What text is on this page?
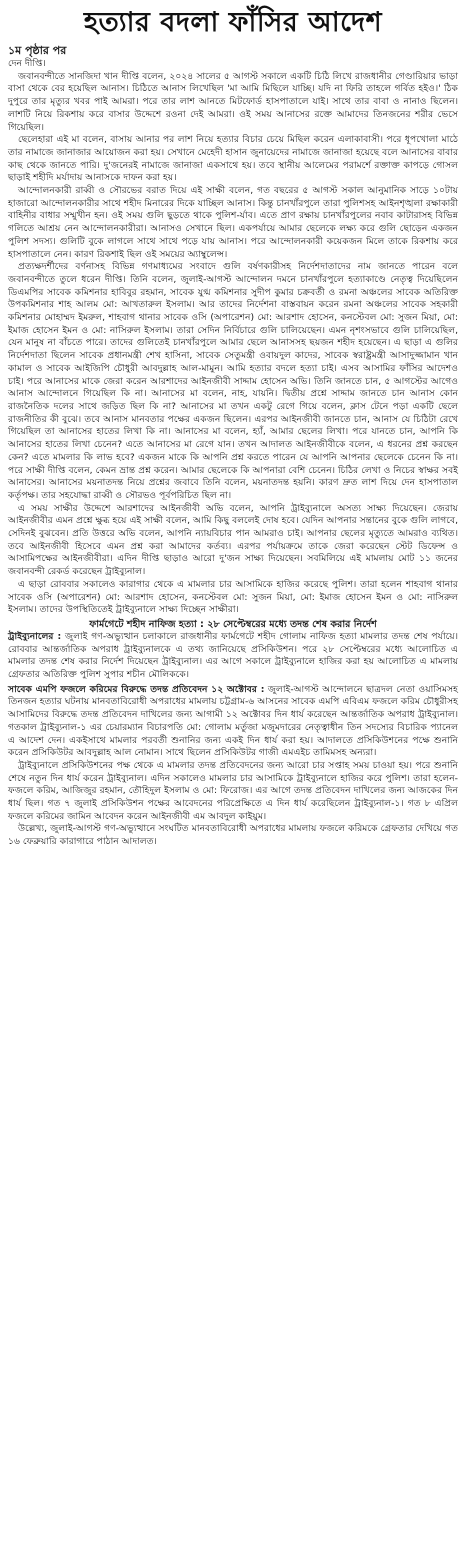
হত্যার বদলা ফাঁসির আদেশ

১ম পৃষ্ঠার পর

দেন দীপ্তি।

জবানবন্দীতে সানজিদা খান দীপ্তি বলেন, ২০২৪ সালের ৫ আগস্ট সকালে একটি চিঠি লিখে রাজধানীর গেণ্ডারিয়ার ভাড়া বাসা থেকে বের হয়েছিল আনাস। চিঠিতে আনাস লিখেছিল 'মা আমি মিছিলে যাচ্ছি। যদি না ফিরি তাহলে গর্বিত হইও।' ঠিক দুপুরে তার মৃত্যুর খবর পাই আমরা। পরে তার লাশ আনতে মিটফোর্ড হাসপাতালে যাই। সাথে তার বাবা ও নানাও ছিলেন। লাশটি নিয়ে রিকশায় করে বাসার উদ্দেশে রওনা দেই আমরা। ওই সময় আনাসের রক্তে আমাদের তিনজনের শরীর ভেসে গিয়েছিল।

ছেলেহারা এই মা বলেন, বাসায় আনার পর লাশ নিয়ে হত্যার বিচার চেয়ে মিছিল করেন এলাকাবাসী। পরে ধূপখোলা মাঠে তার নামাজে জানাজার আয়োজন করা হয়। সেখানে মেহেদী হাসান জুনায়েদের নামাজে জানাজা হয়েছে বলে আনাসের বাবার কাছ থেকে জানতে পারি। দু'জনেরই নামাজে জানাজা একসাথে হয়। তবে স্থানীয় আলেমের পরামর্শে রক্তাক্ত কাপড়ে গোসল ছাড়াই শহীদি মর্যাদায় আনাসকে দাফন করা হয়।

আন্দোলনকারী রাব্বী ও সৌরভের বরাত দিয়ে এই সাক্ষী বলেন, গত বছরের ৫ আগস্ট সকাল আনুমানিক সাড়ে ১০টায় হাজারো আন্দোলনকারীর সাথে শহীদ মিনারের দিকে যাচ্ছিল আনাস। কিন্তু চানখাঁরপুলে তারা পুলিশসহ আইনশৃঙ্খলা রক্ষাকারী বাহিনীর বাধার সম্মুখীন হন। ওই সময় গুলি ছুড়তে থাকে পুলিশ-র্যাব। এতে প্রাণ রক্ষায় চানখাঁরপুলের নবাব কাটারাসহ বিভিন্ন গলিতে আশ্রয় নেন আন্দোলনকারীরা। আনাসও সেখানে ছিল। একপর্যায়ে আমার ছেলেকে লক্ষ্য করে গুলি ছোড়েন একজন পুলিশ সদস্য। গুলিটি বুকে লাগলে সাথে সাথে পড়ে যায় আনাস। পরে আন্দোলনকারী কয়েকজন মিলে তাকে রিকশায় করে হাসপাতালে নেন। কারণ রিকশাই ছিল ওই সময়ের অ্যাম্বুলেন্স।

প্রত্যক্ষদর্শীদের বর্ণনাসহ বিভিন্ন গণমাধ্যমের সংবাদে গুলি বর্ষণকারীসহ নির্দেশদাতাদের নাম জানতে পারেন বলে জবানবন্দীতে তুলে ধরেন দীপ্তি। তিনি বলেন, জুলাই-আগস্ট আন্দোলন দমনে চানখাঁরপুলে হত্যাকাণ্ডে নেতৃত্ব দিয়েছিলেন ডিএমপির সাবেক কমিশনার হাবিবুর রহমান, সাবেক যুগ্ম কমিশনার সুদীপ কুমার চক্রবর্তী ও রমনা অঞ্চলের সাবেক অতিরিক্ত উপকমিশনার শাহ আলম মো: আখতারুল ইসলাম। আর তাদের নির্দেশনা বাস্তবায়ন করেন রমনা অঞ্চলের সাবেক সহকারী কমিশনার মোহাম্মদ ইমরুল, শাহবাগ থানার সাবেক ওসি (অপারেশন) মো: আরশাদ হোসেন, কনস্টেবল মো: সুজন মিয়া, মো: ইমাজ হোসেন ইমন ও মো: নাসিরুল ইসলাম। তারা সেদিন নির্বিচারে গুলি চালিয়েছেন। এমন নৃশংসভাবে গুলি চালিয়েছিল, যেন মানুষ না বাঁচতে পারে। তাদের গুলিতেই চানখাঁরপুলে আমার ছেলে আনাসসহ ছয়জন শহীদ হয়েছেন। এ ছাড়া এ গুলির নির্দেশদাতা ছিলেন সাবেক প্রধানমন্ত্রী শেখ হাসিনা, সাবেক সেতুমন্ত্রী ওবায়দুল কাদের, সাবেক স্বরাষ্ট্রমন্ত্রী আসাদুজ্জামান খান কামাল ও সাবেক আইজিপি চৌধুরী আবদুল্লাহ আল-মামুন। আমি হত্যার বদলে হত্যা চাই। এসব আসামির ফাঁসির আদেশও চাই। পরে আনাসের মাকে জেরা করেন আরশাদের আইনজীবী সাদ্দাম হোসেন অভি। তিনি জানতে চান, ৫ আগস্টের আগেও আনাস আন্দোলনে গিয়েছিল কি না। আনাসের মা বলেন, নাহ, যায়নি। দ্বিতীয় প্রশ্নে সাদ্দাম জানতে চান আনাস কোন রাজনৈতিক দলের সাথে জড়িত ছিল কি না? আনাসের মা তখন একটু রেগে গিয়ে বলেন, ক্লাস টেনে পড়া একটি ছেলে রাজনীতির কী বুঝে। তবে আনাস মানবতার পক্ষের একজন ছিলেন। এরপর আইনজীবী জানতে চান, আনাস যে চিঠিটা রেখে গিয়েছিল তা আনাসের হাতের লিখা কি না। আনাসের মা বলেন, হ্যাঁ, আমার ছেলের লিখা। পরে যানতে চান, আপনি কি আনাসের হাতের লিখা চেনেন? এতে আনাসের মা রেগে যান। তখন আদালত আইনজীবীকে বলেন, এ ধরনের প্রশ্ন করছেন কেন? এতে মামলার কি লাভ হবে? একজন মাকে কি আপনি প্রশ্ন করতে পারেন যে আপনি আপনার ছেলেকে চেনেন কি না। পরে সাক্ষী দীপ্তি বলেন, কেমন ভ্রান্ত প্রশ্ন করেন। আমার ছেলেকে কি আপনারা বেশি চেনেন। চিঠির লেখা ও নিচের স্বাক্ষর সবই আনাসের। আনাসের ময়নাতদন্ত নিয়ে প্রশ্নের জবাবে তিনি বলেন, ময়নাতদন্ত হয়নি। কারণ দ্রুত লাশ দিয়ে দেন হাসপাতাল কর্তৃপক্ষ। তার সহযোদ্ধা রাব্বী ও সৌরভও পূর্বপরিচিত ছিল না।

এ সময় সাক্ষীর উদ্দেশে আরশাদের আইনজীবী অভি বলেন, আপনি ট্রাইব্যুনালে অসত্য সাক্ষ্য দিয়েছেন। জেরায় আইনজীবীর এমন প্রশ্নে ক্ষুব্ধ হয়ে এই সাক্ষী বলেন, আমি কিছু বললেই দোষ হবে। যেদিন আপনার সন্তানের বুকে গুলি লাগবে, সেদিনই বুঝবেন। প্রতি উত্তরে অভি বলেন, আপনি ন্যায়বিচার পান আমরাও চাই। আপনার ছেলের মৃত্যুতে আমরাও ব্যথিত। তবে আইনজীবী হিসেবে এমন প্রশ্ন করা আমাদের কর্তব্য। এরপর পর্যায়ক্রমে তাকে জেরা করেছেন স্টেট ডিফেন্স ও আসামিপক্ষের আইনজীবীরা। এদিন দীপ্তি ছাড়াও আরো দু'জন সাক্ষ্য দিয়েছেন। সবমিলিয়ে এই মামলায় মোট ১১ জনের জবানবন্দী রেকর্ড করেছেন ট্রাইব্যুনাল।

এ ছাড়া রোববার সকালেও কারাগার থেকে এ মামলার চার আসামিকে হাজির করেছে পুলিশ। তারা হলেন শাহবাগ থানার সাবেক ওসি (অপারেশন) মো: আরশাদ হোসেন, কনস্টেবল মো: সুজন মিয়া, মো: ইমাজ হোসেন ইমন ও মো: নাসিরুল ইসলাম। তাদের উপস্থিতিতেই ট্রাইব্যুনালে সাক্ষ্য দিচ্ছেন সাক্ষীরা।

ফার্মগেটে শহীদ নাফিজ হত্যা : ২৮ সেপ্টেম্বরের মধ্যে তদন্ত শেষ করার নির্দেশ

ট্রাইব্যুনালের : জুলাই গণ-অভ্যুত্থান চলাকালে রাজধানীর ফার্মগেটে শহীদ গোলাম নাফিজ হত্যা মামলার তদন্ত শেষ পর্যায়ে। রোববার আন্তর্জাতিক অপরাধ ট্রাইব্যুনালকে এ তথ্য জানিয়েছে প্রসিকিউশন। পরে ২৮ সেপ্টেম্বরের মধ্যে আলোচিত এ মামলার তদন্ত শেষ করার নির্দেশ দিয়েছেন ট্রাইব্যুনাল। এর আগে সকালে ট্রাইব্যুনালে হাজির করা হয় আলোচিত এ মামলায় গ্রেফতার অতিরিক্ত পুলিশ সুপার শচীন মৌলিককে।

সাবেক এমপি ফজলে করিমের বিরুদ্ধে তদন্ত প্রতিবেদন ১২ অক্টোবর : জুলাই-আগস্ট আন্দোলনে ছাত্রদল নেতা ওয়াসিমসহ তিনজন হত্যার ঘটনায় মানবতাবিরোধী অপরাধের মামলায় চট্টগ্রাম-৬ আসনের সাবেক এমপি এবিএম ফজলে করিম চৌধুরীসহ আসামিদের বিরুদ্ধে তদন্ত প্রতিবেদন দাখিলের জন্য আগামী ১২ অক্টোবর দিন ধার্য করেছেন আন্তর্জাতিক অপরাধ ট্রাইব্যুনাল। গতকাল ট্রাইব্যুনাল-১ এর চেয়ারম্যান বিচারপতি মো: গোলাম মর্তুজা মজুমদারের নেতৃত্বাধীন তিন সদস্যের বিচারিক প্যানেল এ আদেশ দেন। একইসাথে মামলার পরবর্তী শুনানির জন্য একই দিন ধার্য করা হয়। আদালতে প্রসিকিউশনের পক্ষে শুনানি করেন প্রসিকিউটর আবদুল্লাহ আল নোমান। সাথে ছিলেন প্রসিকিউটর গাজী এমএইচ তামিমসহ অন্যরা।

ট্রাইব্যুনালে প্রসিকিউশনের পক্ষ থেকে এ মামলার তদন্ত প্রতিবেদনের জন্য আরো চার সপ্তাহ সময় চাওয়া হয়। পরে শুনানি শেষে নতুন দিন ধার্য করেন ট্রাইব্যুনাল। এদিন সকালেও মামলার চার আসামিকে ট্রাইব্যুনালে হাজির করে পুলিশ। তারা হলেন- ফজলে করিম, আজিজুর রহমান, তৌহিদুল ইসলাম ও মো: ফিরোজ। এর আগে তদন্ত প্রতিবেদন দাখিলের জন্য আজকের দিন ধার্য ছিল। গত ৭ জুলাই প্রসিকিউশন পক্ষের আবেদনের পরিপ্রেক্ষিতে এ দিন ধার্য করেছিলেন ট্রাইব্যুনাল-১। গত ৮ এপ্রিল ফজলে করিমের জামিন আবেদন করেন আইনজীবী এম আবদুল কাইয়ুম।

উল্লেখ্য, জুলাই-আগস্ট গণ-অভ্যুত্থানে সংঘটিত মানবতাবিরোধী অপরাধের মামলায় ফজলে করিমকে গ্রেফতার দেখিয়ে গত ১৬ ফেব্রুয়ারি কারাগারে পাঠান আদালত।
